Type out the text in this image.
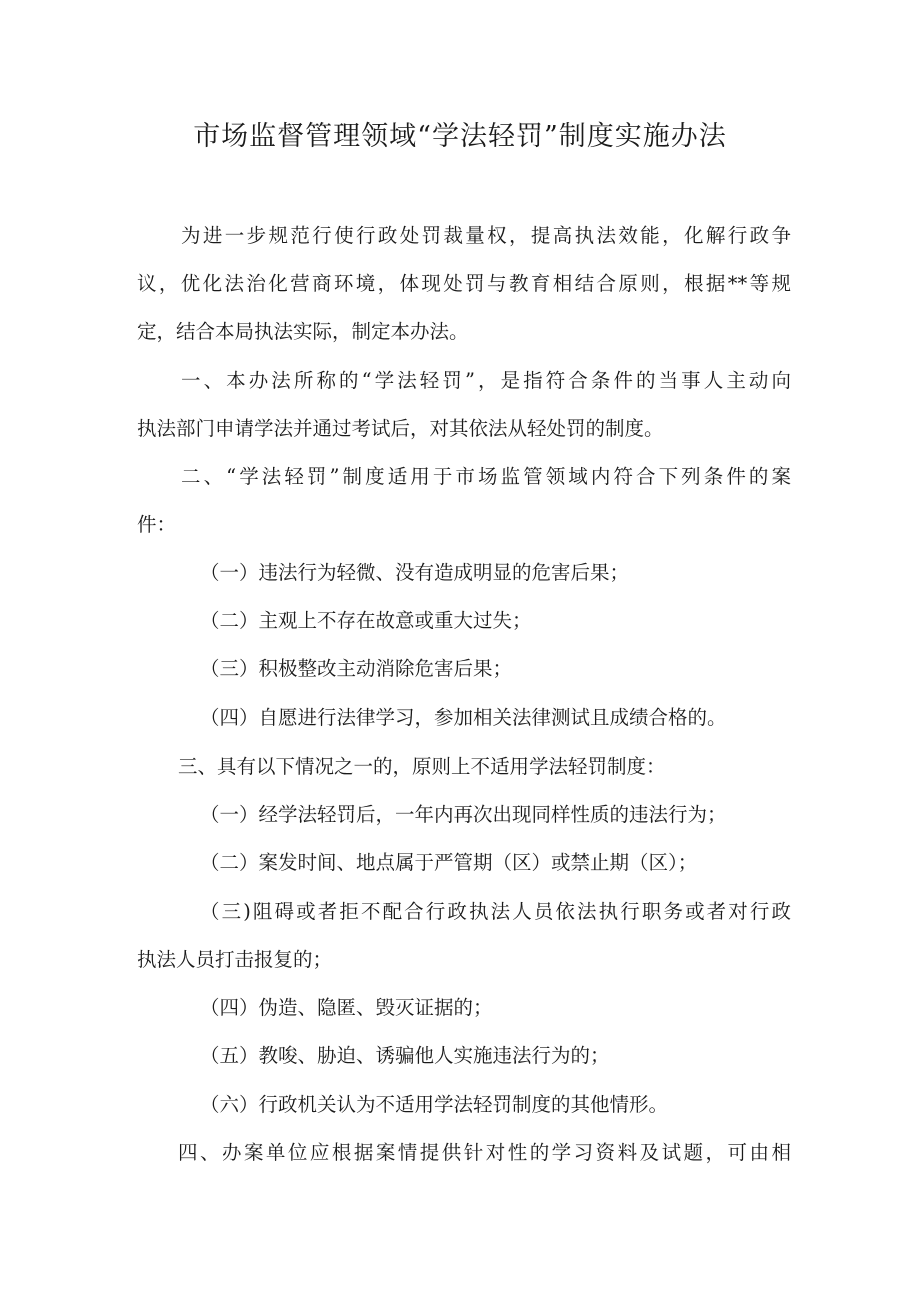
市场监督管理领域“学法轻罚”制度实施办法

为进一步规范行使行政处罚裁量权，提高执法效能，化解行政争

议，优化法治化营商环境，体现处罚与教育相结合原则，根据**等规

定，结合本局执法实际，制定本办法。

一、本办法所称的“学法轻罚”，是指符合条件的当事人主动向

执法部门申请学法并通过考试后，对其依法从轻处罚的制度。

二、“学法轻罚”制度适用于市场监管领域内符合下列条件的案

件：

（一）违法行为轻微、没有造成明显的危害后果；

（二）主观上不存在故意或重大过失；

（三）积极整改主动消除危害后果；

（四）自愿进行法律学习，参加相关法律测试且成绩合格的。

三、具有以下情况之一的，原则上不适用学法轻罚制度：

（一）经学法轻罚后，一年内再次出现同样性质的违法行为；

（二）案发时间、地点属于严管期（区）或禁止期（区）；

（三)阻碍或者拒不配合行政执法人员依法执行职务或者对行政

执法人员打击报复的；

（四）伪造、隐匿、毁灭证据的；

（五）教唆、胁迫、诱骗他人实施违法行为的；

（六）行政机关认为不适用学法轻罚制度的其他情形。

四、办案单位应根据案情提供针对性的学习资料及试题，可由相
